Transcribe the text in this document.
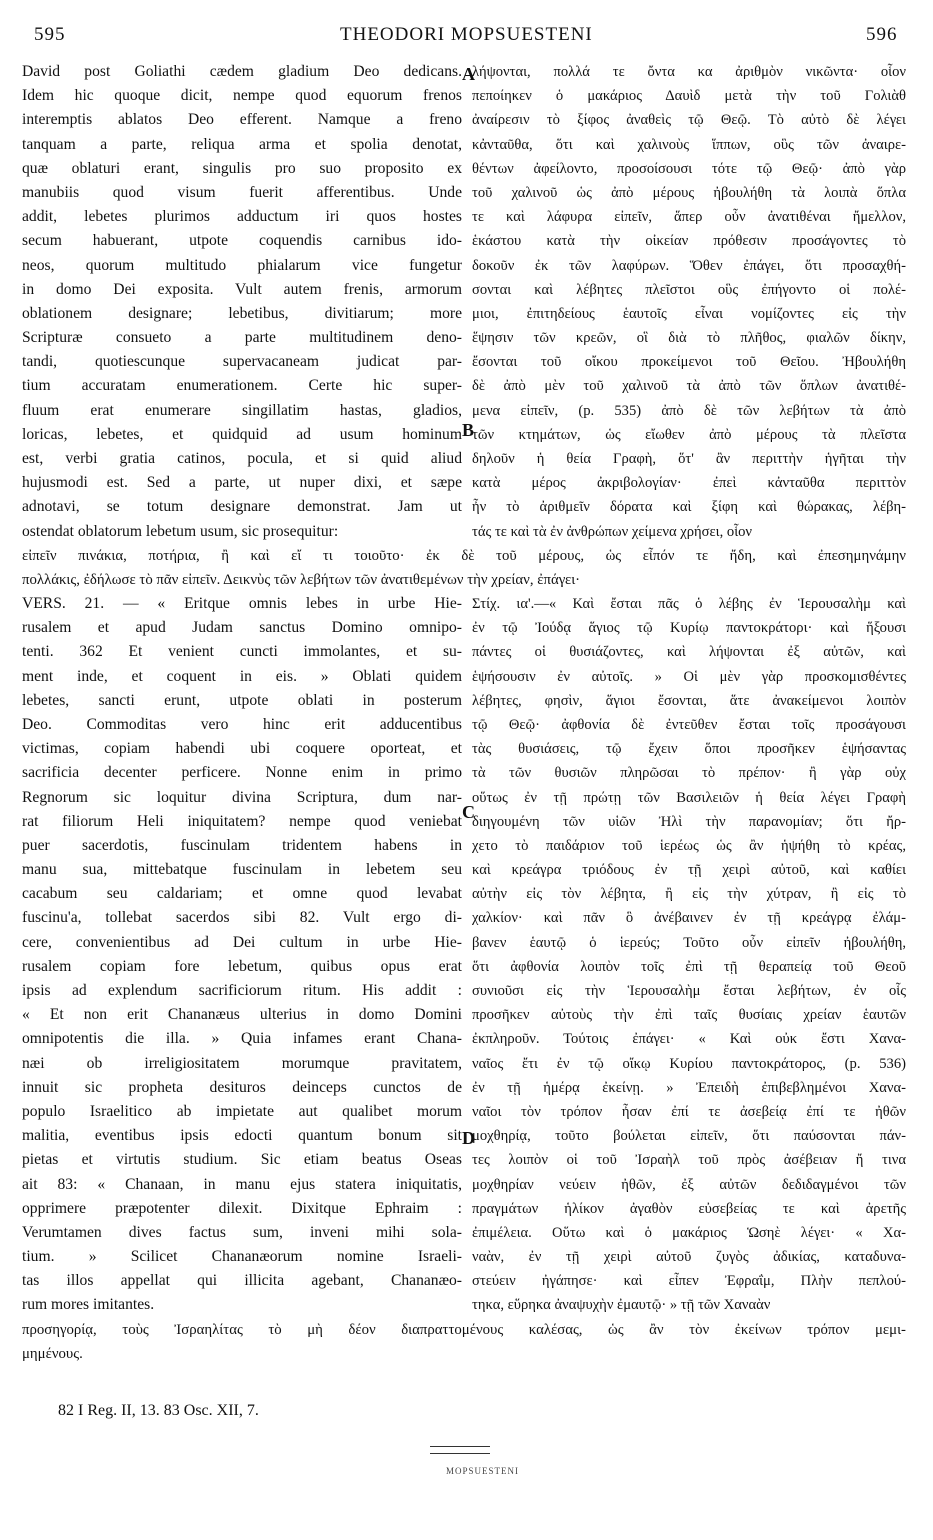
595	THEODORI MOPSUESTENI	596
A
B
C
D
David post Goliathi cædem gladium Deo dedicans.
Idem hic quoque dicit, nempe quod equorum frenos
interemptis ablatos Deo efferent. Namque a freno
tanquam a parte, reliqua arma et spolia denotat,
quæ oblaturi erant, singulis pro suo proposito ex
manubiis quod visum fuerit afferentibus. Unde
addit, lebetes plurimos adductum iri quos hostes
secum habuerant, utpote coquendis carnibus ido-
neos, quorum multitudo phialarum vice fungetur
in domo Dei exposita. Vult autem frenis, armorum
oblationem designare; lebetibus, divitiarum; more
Scripturæ consueto a parte multitudinem deno-
tandi, quotiescunque supervacaneam judicat par-
tium accuratam enumerationem. Certe hic super-
fluum erat enumerare singillatim hastas, gladios,
loricas, lebetes, et quidquid ad usum hominum
est, verbi gratia catinos, pocula, et si quid aliud
hujusmodi est. Sed a parte, ut nuper dixi, et sæpe
adnotavi, se totum designare demonstrat. Jam ut
ostendat oblatorum lebetum usum, sic prosequitur:
λήψονται, πολλά τε ὄντα κα ἀριθμὸν νικῶντα· οἷον
πεποίηκεν ὁ μακάριος Δαυὶδ μετὰ τὴν τοῦ Γολιὰθ
ἀναίρεσιν τὸ ξίφος ἀναθεὶς τῷ Θεῷ. Τὸ αὐτὸ δὲ λέγει
κἀνταῦθα, ὅτι καὶ χαλινοὺς ἵππων, οὓς τῶν ἀναιρε-
θέντων ἀφείλοντο, προσοίσουσι τότε τῷ Θεῷ· ἀπὸ γὰρ
τοῦ χαλινοῦ ὡς ἀπὸ μέρους ἠβουλήθη τὰ λοιπὰ ὅπλα
τε καὶ λάφυρα εἰπεῖν, ἅπερ οὖν ἀνατιθέναι ἤμελλον,
ἑκάστου κατὰ τὴν οἰκείαν πρόθεσιν προσάγοντες τὸ
δοκοῦν ἐκ τῶν λαφύρων. Ὅθεν ἐπάγει, ὅτι προσαχθή-
σονται καὶ λέβητες πλεῖστοι οὓς ἐπήγοντο οἱ πολέ-
μιοι, ἐπιτηδείους ἑαυτοῖς εἶναι νομίζοντες εἰς τὴν
ἕψησιν τῶν κρεῶν, οἳ διὰ τὸ πλῆθος, φιαλῶν δίκην,
ἔσονται τοῦ οἴκου προκείμενοι τοῦ Θεῖου. Ἠβουλήθη
δὲ ἀπὸ μὲν τοῦ χαλινοῦ τὰ ἀπὸ τῶν ὅπλων ἀνατιθέ-
μενα εἰπεῖν, (p. 535) ἀπὸ δὲ τῶν λεβήτων τὰ ἀπὸ
τῶν κτημάτων, ὡς εἴωθεν ἀπὸ μέρους τὰ πλεῖστα
δηλοῦν ἡ θεία Γραφὴ, ὅτ' ἂν περιττὴν ἡγῆται τὴν
κατὰ μέρος ἀκριβολογίαν· ἐπεὶ κἀνταῦθα περιττὸν
ἦν τὸ ἀριθμεῖν δόρατα καὶ ξίφη καὶ θώρακας, λέβη-
τάς τε καὶ τὰ ἐν ἀνθρώπων χείμενα χρήσει, οἷον
εἰπεῖν πινάκια, ποτήρια, ἢ καὶ εἴ τι τοιοῦτο· ἐκ δὲ τοῦ μέρους, ὡς εἶπόν τε ἤδη, καὶ ἐπεσημηνάμην
πολλάκις, ἐδήλωσε τὸ πᾶν εἰπεῖν. Δεικνὺς τῶν λεβήτων τῶν ἀνατιθεμένων τὴν χρείαν, ἐπάγει·
VERS. 21. — « Eritque omnis lebes in urbe Hie-
rusalem et apud Judam sanctus Domino omnipo-
tenti. 362 Et venient cuncti immolantes, et su-
ment inde, et coquent in eis. » Oblati quidem
lebetes, sancti erunt, utpote oblati in posterum
Deo. Commoditas vero hinc erit adducentibus
victimas, copiam habendi ubi coquere oporteat, et
sacrificia decenter perficere. Nonne enim in primo
Regnorum sic loquitur divina Scriptura, dum nar-
rat filiorum Heli iniquitatem? nempe quod veniebat
puer sacerdotis, fuscinulam tridentem habens in
manu sua, mittebatque fuscinulam in lebetem seu
cacabum seu caldariam; et omne quod levabat
fuscinu'a, tollebat sacerdos sibi 82. Vult ergo di-
cere, convenientibus ad Dei cultum in urbe Hie-
rusalem copiam fore lebetum, quibus opus erat
ipsis ad explendum sacrificiorum ritum. His addit :
« Et non erit Chananæus ulterius in domo Domini
omnipotentis die illa. » Quia infames erant Chana-
næi ob irreligiositatem morumque pravitatem,
innuit sic propheta desituros deinceps cunctos de
populo Israelitico ab impietate aut qualibet morum
malitia, eventibus ipsis edocti quantum bonum sit
pietas et virtutis studium. Sic etiam beatus Oseas
ait 83: « Chanaan, in manu ejus statera iniquitatis,
opprimere præpotenter dilexit. Dixitque Ephraim :
Verumtamen dives factus sum, inveni mihi sola-
tium. » Scilicet Chananæorum nomine Israeli-
tas illos appellat qui illicita agebant, Chananæo-
rum mores imitantes.
Στίχ. ια'.—« Καὶ ἔσται πᾶς ὁ λέβης ἐν Ἱερουσαλὴμ καὶ
ἐν τῷ Ἰούδᾳ ἅγιος τῷ Κυρίῳ παντοκράτορι· καὶ ἥξουσι
πάντες οἱ θυσιάζοντες, καὶ λήψονται ἐξ αὐτῶν, καὶ
ἑψήσουσιν ἐν αὐτοῖς. » Οἱ μὲν γὰρ προσκομισθέντες
λέβητες, φησὶν, ἅγιοι ἔσονται, ἅτε ἀνακείμενοι λοιπὸν
τῷ Θεῷ· ἀφθονία δὲ ἐντεῦθεν ἔσται τοῖς προσάγουσι
τὰς θυσιάσεις, τῷ ἔχειν ὅποι προσῆκεν ἑψήσαντας
τὰ τῶν θυσιῶν πληρῶσαι τὸ πρέπον· ἢ γὰρ οὐχ
οὕτως ἐν τῇ πρώτῃ τῶν Βασιλειῶν ἡ θεία λέγει Γραφὴ
διηγουμένη τῶν υἱῶν Ἠλὶ τὴν παρανομίαν; ὅτι ἤρ-
χετο τὸ παιδάριον τοῦ ἱερέως ὡς ἂν ἡψήθη τὸ κρέας,
καὶ κρεάγρα τριόδους ἐν τῇ χειρὶ αὐτοῦ, καὶ καθίει
αὐτὴν εἰς τὸν λέβητα, ἢ εἰς τὴν χύτραν, ἢ εἰς τὸ
χαλκίον· καὶ πᾶν ὃ ἀνέβαινεν ἐν τῇ κρεάγρᾳ ἐλάμ-
βανεν ἑαυτῷ ὁ ἱερεύς; Τοῦτο οὖν εἰπεῖν ἠβουλήθη,
ὅτι ἀφθονία λοιπὸν τοῖς ἐπὶ τῇ θεραπείᾳ τοῦ Θεοῦ
συνιοῦσι εἰς τὴν Ἱερουσαλὴμ ἔσται λεβήτων, ἐν οἷς
προσῆκεν αὐτοὺς τὴν ἐπὶ ταῖς θυσίαις χρείαν ἑαυτῶν
ἐκπληροῦν. Τούτοις ἐπάγει· « Καὶ οὐκ ἔστι Χανα-
ναῖος ἔτι ἐν τῷ οἴκῳ Κυρίου παντοκράτορος, (p. 536)
ἐν τῇ ἡμέρᾳ ἐκείνῃ. » Ἐπειδὴ ἐπιβεβλημένοι Χανα-
ναῖοι τὸν τρόπον ἦσαν ἐπί τε ἀσεβείᾳ ἐπί τε ἠθῶν
μοχθηρίᾳ, τοῦτο βούλεται εἰπεῖν, ὅτι παύσονται πάν-
τες λοιπὸν οἱ τοῦ Ἰσραὴλ τοῦ πρὸς ἀσέβειαν ἤ τινα
μοχθηρίαν νεύειν ἠθῶν, ἐξ αὐτῶν δεδιδαγμένοι τῶν
πραγμάτων ἡλίκον ἀγαθὸν εὐσεβείας τε καὶ ἀρετῆς
ἐπιμέλεια. Οὕτω καὶ ὁ μακάριος Ὡσηὲ λέγει· « Χα-
ναὰν, ἐν τῇ χειρὶ αὐτοῦ ζυγὸς ἀδικίας, καταδυνα-
στεύειν ἠγάπησε· καὶ εἶπεν Ἐφραΐμ, Πλὴν πεπλού-
τηκα, εὕρηκα ἀναψυχὴν ἐμαυτῷ· » τῇ τῶν Χαναὰν
προσηγορίᾳ, τοὺς Ἰσραηλίτας τὸ μὴ δέον διαπραττομένους καλέσας, ὡς ἂν τὸν ἐκείνων τρόπον μεμι-
μημένους.
82 I Reg. II, 13. 83 Osc. XII, 7.
MOPSUESTENI
